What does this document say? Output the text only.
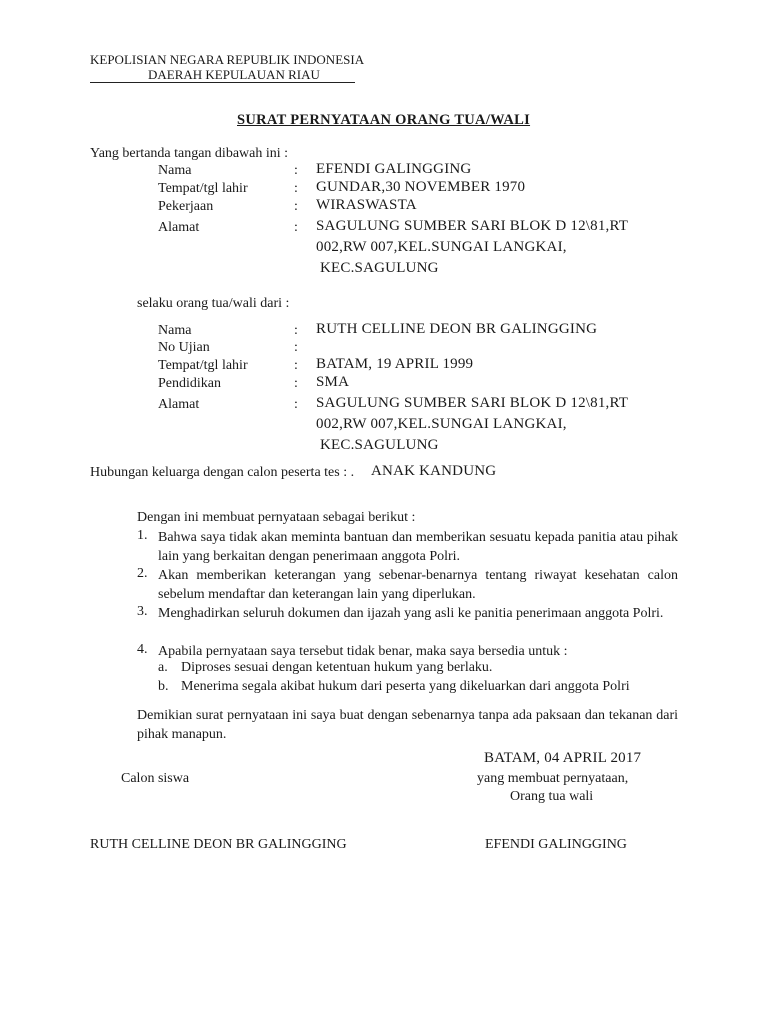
KEPOLISIAN NEGARA REPUBLIK INDONESIA
DAERAH KEPULAUAN RIAU
SURAT PERNYATAAN ORANG TUA/WALI
Yang bertanda tangan dibawah ini :
Nama	: EFENDI GALINGGING
Tempat/tgl lahir	: GUNDAR,30 NOVEMBER 1970
Pekerjaan	: WIRASWASTA
Alamat	: SAGULUNG SUMBER SARI BLOK D 12\81,RT
002,RW 007,KEL.SUNGAI LANGKAI,
KEC.SAGULUNG
selaku orang tua/wali dari :
Nama	: RUTH CELLINE DEON BR GALINGGING
No Ujian	:
Tempat/tgl lahir	: BATAM, 19 APRIL 1999
Pendidikan	: SMA
Alamat	: SAGULUNG SUMBER SARI BLOK D 12\81,RT
002,RW 007,KEL.SUNGAI LANGKAI,
KEC.SAGULUNG
Hubungan keluarga dengan calon peserta tes : . ANAK KANDUNG
Dengan ini membuat pernyataan sebagai berikut :
1. Bahwa saya tidak akan meminta bantuan dan memberikan sesuatu kepada panitia atau pihak lain yang berkaitan dengan penerimaan anggota Polri.
2. Akan memberikan keterangan yang sebenar-benarnya tentang riwayat kesehatan calon sebelum mendaftar dan keterangan lain yang diperlukan.
3. Menghadirkan seluruh dokumen dan ijazah yang asli ke panitia penerimaan anggota Polri.
4. Apabila pernyataan saya tersebut tidak benar, maka saya bersedia untuk :
a. Diproses sesuai dengan ketentuan hukum yang berlaku.
b. Menerima segala akibat hukum dari peserta yang dikeluarkan dari anggota Polri
Demikian surat pernyataan ini saya buat dengan sebenarnya tanpa ada paksaan dan tekanan dari pihak manapun.
BATAM, 04 APRIL 2017
Calon siswa	yang membuat pernyataan,
Orang tua wali
RUTH CELLINE DEON BR GALINGGING	EFENDI GALINGGING
